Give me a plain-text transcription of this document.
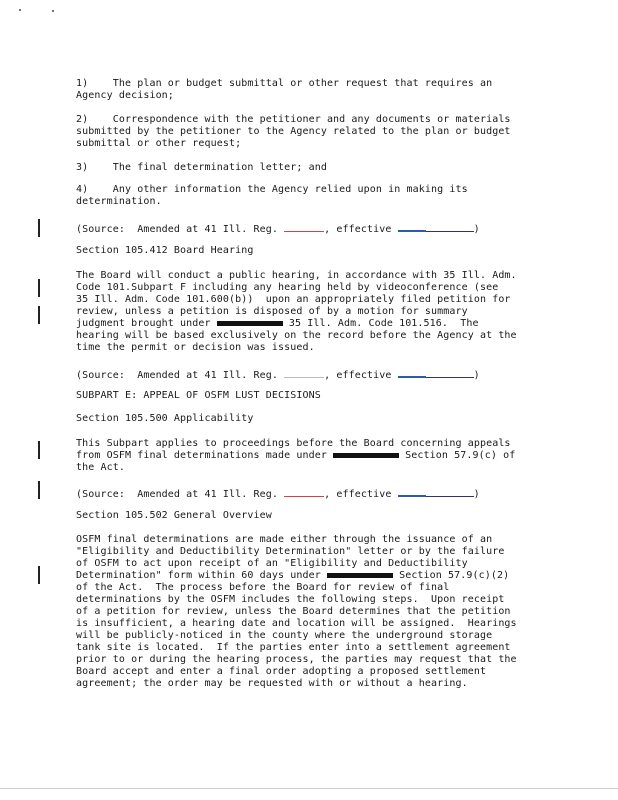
1)    The plan or budget submittal or other request that requires an
Agency decision;
2)    Correspondence with the petitioner and any documents or materials
submitted by the petitioner to the Agency related to the plan or budget
submittal or other request;
3)    The final determination letter; and
4)    Any other information the Agency relied upon in making its
determination.
(Source:  Amended at 41 Ill. Reg.	, effective	)
Section 105.412 Board Hearing
The Board will conduct a public hearing, in accordance with 35 Ill. Adm.
Code 101.Subpart F including any hearing held by videoconference (see
35 Ill. Adm. Code 101.600(b))  upon an appropriately filed petition for
review, unless a petition is disposed of by a motion for summary
judgment brought under	35 Ill. Adm. Code 101.516.  The
hearing will be based exclusively on the record before the Agency at the
time the permit or decision was issued.
(Source:  Amended at 41 Ill. Reg.	, effective	)
SUBPART E: APPEAL OF OSFM LUST DECISIONS
Section 105.500 Applicability
This Subpart applies to proceedings before the Board concerning appeals
from OSFM final determinations made under	Section 57.9(c) of
the Act.
(Source:  Amended at 41 Ill. Reg.	, effective	)
Section 105.502 General Overview
OSFM final determinations are made either through the issuance of an
"Eligibility and Deductibility Determination" letter or by the failure
of OSFM to act upon receipt of an "Eligibility and Deductibility
Determination" form within 60 days under	Section 57.9(c)(2)
of the Act.  The process before the Board for review of final
determinations by the OSFM includes the following steps.  Upon receipt
of a petition for review, unless the Board determines that the petition
is insufficient, a hearing date and location will be assigned.  Hearings
will be publicly-noticed in the county where the underground storage
tank site is located.  If the parties enter into a settlement agreement
prior to or during the hearing process, the parties may request that the
Board accept and enter a final order adopting a proposed settlement
agreement; the order may be requested with or without a hearing.
